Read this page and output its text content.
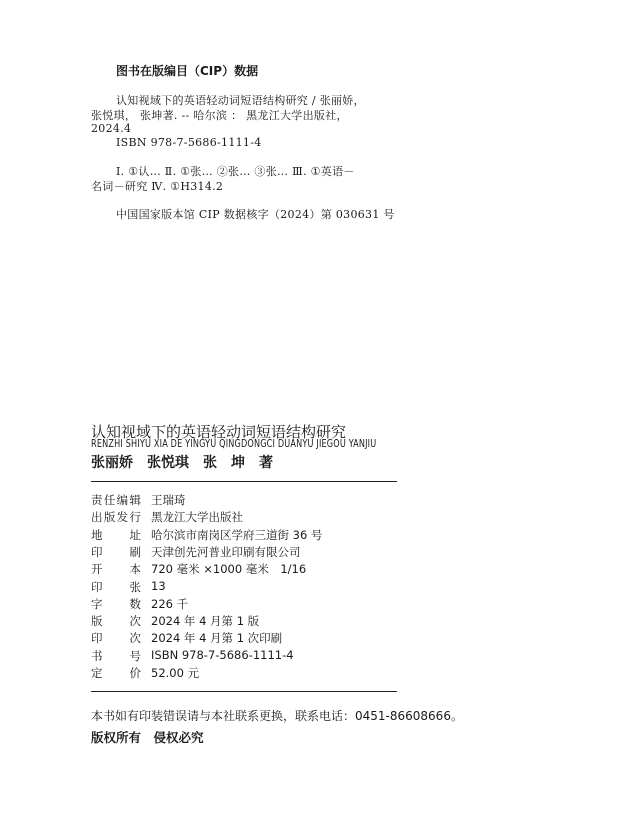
图书在版编目（CIP）数据
认知视域下的英语轻动词短语结构研究 / 张丽娇，
张悦琪， 张坤著. -- 哈尔滨 ： 黑龙江大学出版社，
2024.4
ISBN 978-7-5686-1111-4
Ⅰ. ①认… Ⅱ. ①张… ②张… ③张… Ⅲ. ①英语－
名词－研究 Ⅳ. ①H314.2
中国国家版本馆 CIP 数据核字（2024）第 030631 号
认知视域下的英语轻动词短语结构研究
RENZHI SHIYU XIA DE YINGYU QINGDONGCI DUANYU JIEGOU YANJIU
张丽娇　张悦琪　张　坤　著
责 任 编 辑 王瑞琦
出 版 发 行 黑龙江大学出版社
地 址 哈尔滨市南岗区学府三道街 36 号
印 刷 天津创先河普业印刷有限公司
开 本 720 毫米 ×1000 毫米　1/16
印 张 13
字 数 226 千
版 次 2024 年 4 月第 1 版
印 次 2024 年 4 月第 1 次印刷
书 号 ISBN 978-7-5686-1111-4
定 价 52.00 元
本书如有印装错误请与本社联系更换，联系电话：0451-86608666。
版权所有　侵权必究
